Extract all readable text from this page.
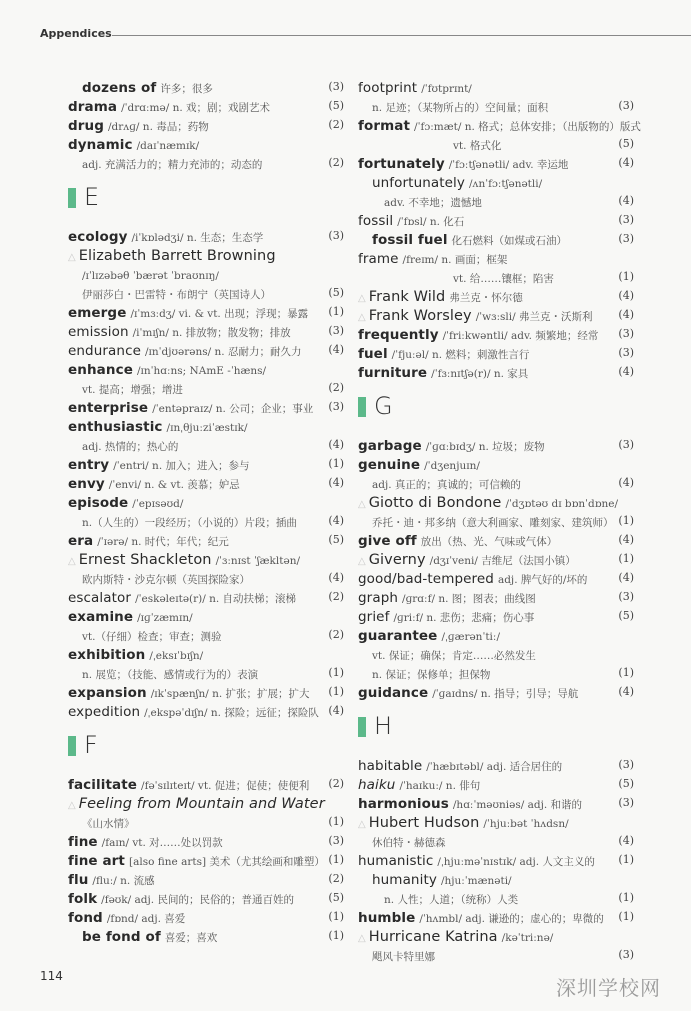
Appendices
dozens of 许多；很多	(3)
drama /ˈdrɑːmə/ n. 戏；剧；戏剧艺术	(5)
drug /drʌɡ/ n. 毒品；药物	(2)
dynamic /daɪˈnæmɪk/
adj. 充满活力的；精力充沛的；动态的	(2)
E
ecology /iˈkɒlədʒi/ n. 生态；生态学	(3)
△ Elizabeth Barrett Browning
/ɪˈlɪzəbəθ ˈbærət ˈbraʊnɪŋ/
伊丽莎白・巴雷特・布朗宁（英国诗人）	(5)
emerge /ɪˈmɜːdʒ/ vi. & vt. 出现；浮现；暴露 (1)
emission /iˈmɪʃn/ n. 排放物；散发物；排放	(3)
endurance /ɪnˈdjʊərəns/ n. 忍耐力；耐久力 (4)
enhance /ɪnˈhɑːns; NAmE -ˈhæns/
vt. 提高；增强；增进	(2)
enterprise /ˈentəpraɪz/ n. 公司；企业；事业 (3)
enthusiastic /ɪnˌθjuːziˈæstɪk/
adj. 热情的；热心的	(4)
entry /ˈentri/ n. 加入；进入；参与	(1)
envy /ˈenvi/ n. & vt. 羡慕；妒忌	(4)
episode /ˈepɪsəʊd/
n.（人生的）一段经历；（小说的）片段；插曲	(4)
era /ˈɪərə/ n. 时代；年代；纪元	(5)
△ Ernest Shackleton /ˈɜːnɪst ˈʃækltən/
欧内斯特・沙克尔顿（英国探险家）	(4)
escalator /ˈeskəleɪtə(r)/ n. 自动扶梯；滚梯	(2)
examine /ɪɡˈzæmɪn/
vt.（仔细）检查；审查；测验	(2)
exhibition /ˌeksɪˈbɪʃn/
n. 展览；（技能、感情或行为的）表演	(1)
expansion /ɪkˈspænʃn/ n. 扩张；扩展；扩大 (1)
expedition /ˌekspəˈdɪʃn/ n. 探险；远征；探险队 (4)
F
facilitate /fəˈsɪlɪteɪt/ vt. 促进；促使；使便利 (2)
△ Feeling from Mountain and Water
《山水情》	(1)
fine /faɪn/ vt. 对……处以罚款	(3)
fine art [also fine arts] 美术（尤其绘画和雕塑） (1)
flu /fluː/ n. 流感	(2)
folk /fəʊk/ adj. 民间的；民俗的；普通百姓的	(5)
fond /fɒnd/ adj. 喜爱	(1)
be fond of 喜爱；喜欢	(1)
footprint /ˈfʊtprɪnt/
n. 足迹；（某物所占的）空间量；面积	(3)
format /ˈfɔːmæt/ n. 格式；总体安排；（出版物的）版式
vt. 格式化	(5)
fortunately /ˈfɔːtʃənətli/ adv. 幸运地	(4)
unfortunately /ʌnˈfɔːtʃənətli/
adv. 不幸地；遗憾地	(4)
fossil /ˈfɒsl/ n. 化石	(3)
fossil fuel 化石燃料（如煤或石油）	(3)
frame /freɪm/ n. 画面；框架
vt. 给……镶框；陷害	(1)
△ Frank Wild 弗兰克・怀尔德	(4)
△ Frank Worsley /ˈwɜːsli/ 弗兰克・沃斯利 (4)
frequently /ˈfriːkwəntli/ adv. 频繁地；经常 (3)
fuel /ˈfjuːəl/ n. 燃料；刺激性言行	(3)
furniture /ˈfɜːnɪtʃə(r)/ n. 家具	(4)
G
garbage /ˈɡɑːbɪdʒ/ n. 垃圾；废物	(3)
genuine /ˈdʒenjuɪn/
adj. 真正的；真诚的；可信赖的	(4)
△ Giotto di Bondone /ˈdʒɒtəʊ dɪ bɒnˈdɒne/
乔托・迪・邦多纳（意大利画家、雕刻家、建筑师） (1)
give off 放出（热、光、气味或气体）	(4)
△ Giverny /dʒɪˈveni/ 吉维尼（法国小镇）	(1)
good/bad-tempered adj. 脾气好的/坏的	(4)
graph /ɡrɑːf/ n. 图；图表；曲线图	(3)
grief /ɡriːf/ n. 悲伤；悲痛；伤心事	(5)
guarantee /ˌɡærənˈtiː/
vt. 保证；确保；肯定……必然发生
n. 保证；保修单；担保物	(1)
guidance /ˈɡaɪdns/ n. 指导；引导；导航	(4)
H
habitable /ˈhæbɪtəbl/ adj. 适合居住的	(3)
haiku /ˈhaɪkuː/ n. 俳句	(5)
harmonious /hɑːˈməʊniəs/ adj. 和谐的	(3)
△ Hubert Hudson /ˈhjuːbət ˈhʌdsn/
休伯特・赫德森	(4)
humanistic /ˌhjuːməˈnɪstɪk/ adj. 人文主义的 (1)
humanity /hjuːˈmænəti/
n. 人性；人道；（统称）人类	(1)
humble /ˈhʌmbl/ adj. 谦逊的；虚心的；卑微的 (1)
△ Hurricane Katrina /kəˈtriːnə/
飓风卡特里娜	(3)
114	深圳学校网
